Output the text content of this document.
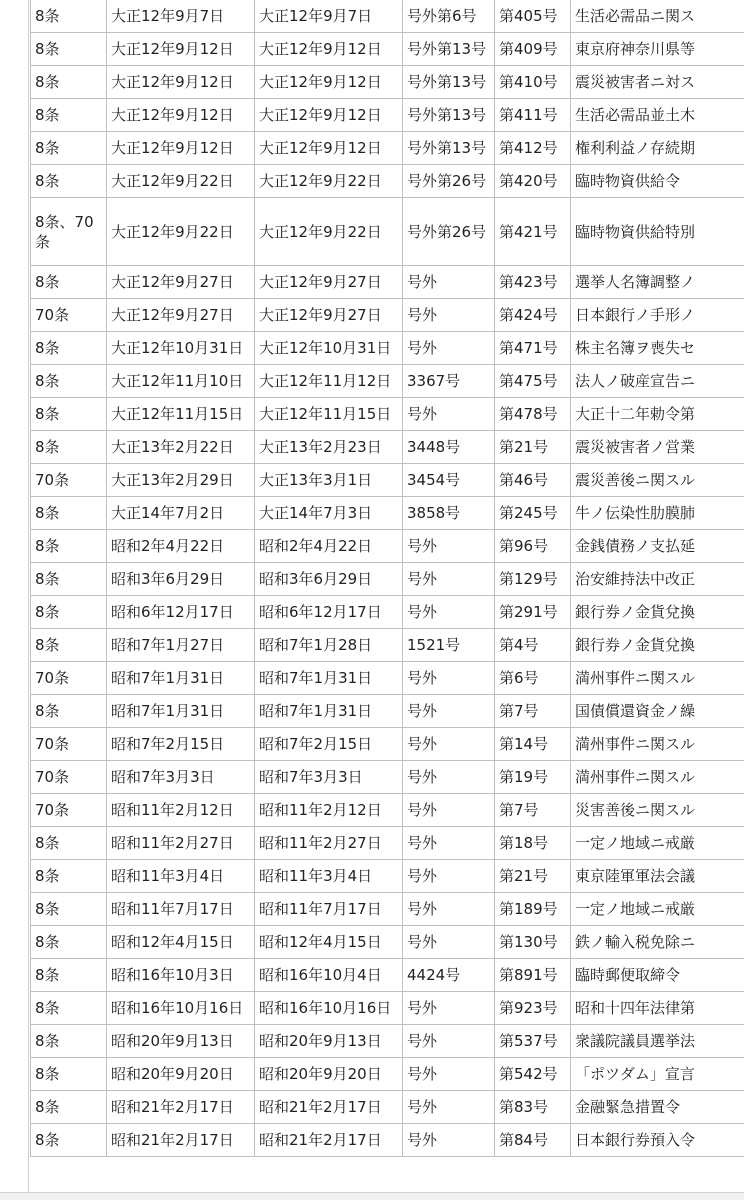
8条	大正12年9月7日	大正12年9月7日	号外第6号	第405号	生活必需品ニ関ス
8条	大正12年9月12日	大正12年9月12日	号外第13号	第409号	東京府神奈川県等
8条	大正12年9月12日	大正12年9月12日	号外第13号	第410号	震災被害者ニ対ス
8条	大正12年9月12日	大正12年9月12日	号外第13号	第411号	生活必需品並土木
8条	大正12年9月12日	大正12年9月12日	号外第13号	第412号	権利利益ノ存続期
8条	大正12年9月22日	大正12年9月22日	号外第26号	第420号	臨時物資供給令
8条、70条	大正12年9月22日	大正12年9月22日	号外第26号	第421号	臨時物資供給特別
8条	大正12年9月27日	大正12年9月27日	号外	第423号	選挙人名簿調整ノ
70条	大正12年9月27日	大正12年9月27日	号外	第424号	日本銀行ノ手形ノ
8条	大正12年10月31日	大正12年10月31日	号外	第471号	株主名簿ヲ喪失セ
8条	大正12年11月10日	大正12年11月12日	3367号	第475号	法人ノ破産宣告ニ
8条	大正12年11月15日	大正12年11月15日	号外	第478号	大正十二年勅令第
8条	大正13年2月22日	大正13年2月23日	3448号	第21号	震災被害者ノ営業
70条	大正13年2月29日	大正13年3月1日	3454号	第46号	震災善後ニ関スル
8条	大正14年7月2日	大正14年7月3日	3858号	第245号	牛ノ伝染性肋膜肺
8条	昭和2年4月22日	昭和2年4月22日	号外	第96号	金銭債務ノ支払延
8条	昭和3年6月29日	昭和3年6月29日	号外	第129号	治安維持法中改正
8条	昭和6年12月17日	昭和6年12月17日	号外	第291号	銀行券ノ金貨兌換
8条	昭和7年1月27日	昭和7年1月28日	1521号	第4号	銀行券ノ金貨兌換
70条	昭和7年1月31日	昭和7年1月31日	号外	第6号	満州事件ニ関スル
8条	昭和7年1月31日	昭和7年1月31日	号外	第7号	国債償還資金ノ繰
70条	昭和7年2月15日	昭和7年2月15日	号外	第14号	満州事件ニ関スル
70条	昭和7年3月3日	昭和7年3月3日	号外	第19号	満州事件ニ関スル
70条	昭和11年2月12日	昭和11年2月12日	号外	第7号	災害善後ニ関スル
8条	昭和11年2月27日	昭和11年2月27日	号外	第18号	一定ノ地域ニ戒厳
8条	昭和11年3月4日	昭和11年3月4日	号外	第21号	東京陸軍軍法会議
8条	昭和11年7月17日	昭和11年7月17日	号外	第189号	一定ノ地域ニ戒厳
8条	昭和12年4月15日	昭和12年4月15日	号外	第130号	鉄ノ輸入税免除ニ
8条	昭和16年10月3日	昭和16年10月4日	4424号	第891号	臨時郵便取締令
8条	昭和16年10月16日	昭和16年10月16日	号外	第923号	昭和十四年法律第
8条	昭和20年9月13日	昭和20年9月13日	号外	第537号	衆議院議員選挙法
8条	昭和20年9月20日	昭和20年9月20日	号外	第542号	「ポツダム」宣言
8条	昭和21年2月17日	昭和21年2月17日	号外	第83号	金融緊急措置令
8条	昭和21年2月17日	昭和21年2月17日	号外	第84号	日本銀行券預入令
